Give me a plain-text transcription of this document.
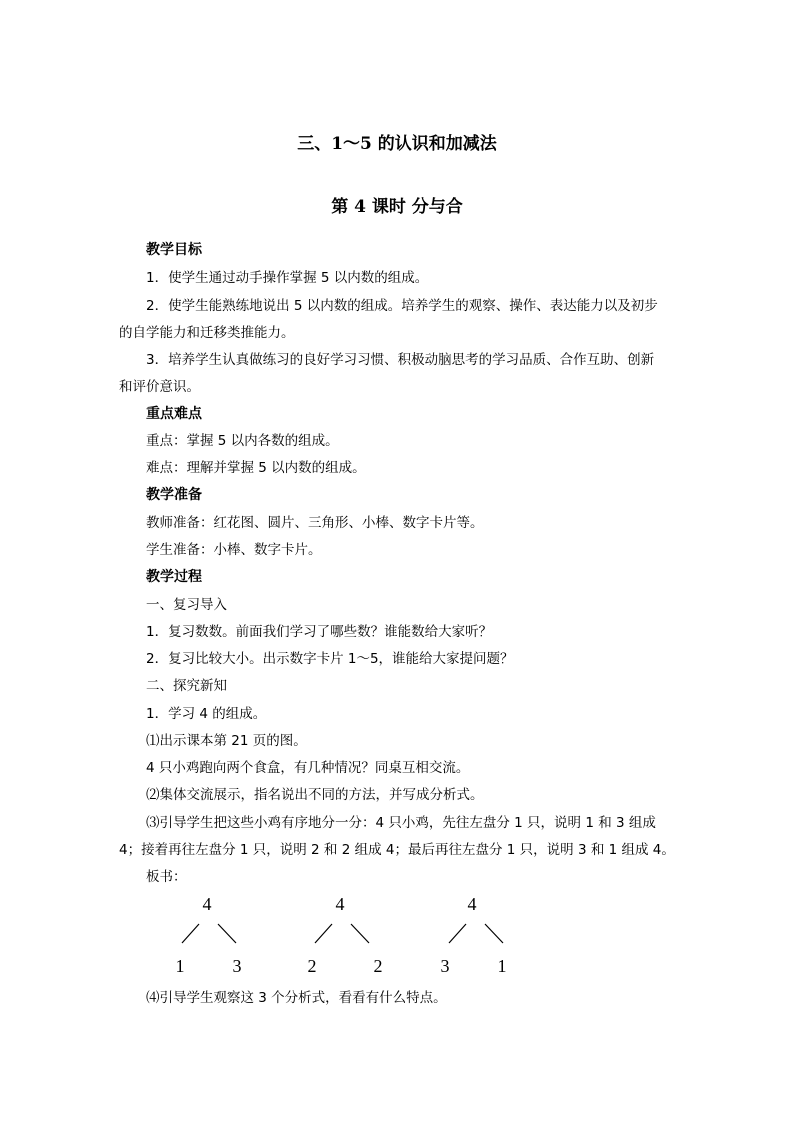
三、1～5 的认识和加减法
第 4 课时 分与合
教学目标
1．使学生通过动手操作掌握 5 以内数的组成。
2．使学生能熟练地说出 5 以内数的组成。培养学生的观察、操作、表达能力以及初步
的自学能力和迁移类推能力。
3．培养学生认真做练习的良好学习习惯、积极动脑思考的学习品质、合作互助、创新
和评价意识。
重点难点
重点：掌握 5 以内各数的组成。
难点：理解并掌握 5 以内数的组成。
教学准备
教师准备：红花图、圆片、三角形、小棒、数字卡片等。
学生准备：小棒、数字卡片。
教学过程
一、复习导入
1．复习数数。前面我们学习了哪些数？谁能数给大家听？
2．复习比较大小。出示数字卡片 1～5，谁能给大家提问题？
二、探究新知
1．学习 4 的组成。
⑴出示课本第 21 页的图。
4 只小鸡跑向两个食盒，有几种情况？同桌互相交流。
⑵集体交流展示，指名说出不同的方法，并写成分析式。
⑶引导学生把这些小鸡有序地分一分：4 只小鸡，先往左盘分 1 只，说明 1 和 3 组成
4；接着再往左盘分 1 只，说明 2 和 2 组成 4；最后再往左盘分 1 只，说明 3 和 1 组成 4。
板书：
4
1	3
4
2	2
4
3	1
⑷引导学生观察这 3 个分析式，看看有什么特点。
